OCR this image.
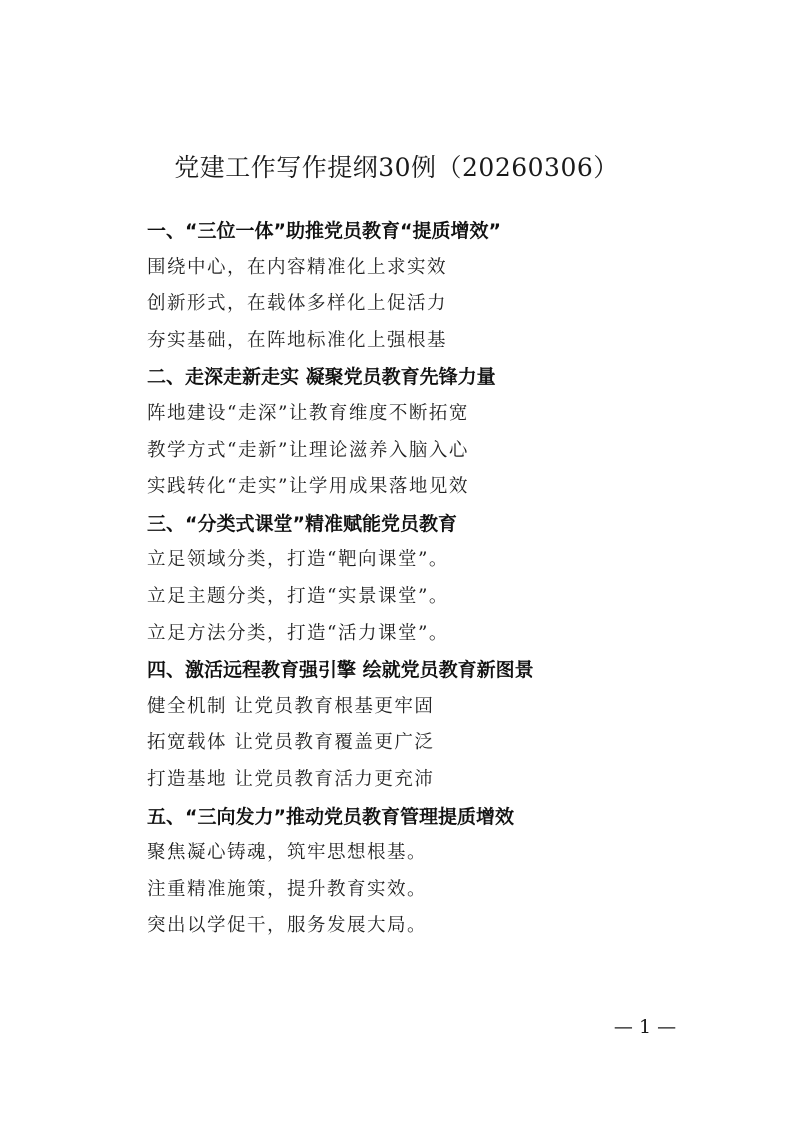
党建工作写作提纲30例（20260306）
一、“三位一体”助推党员教育“提质增效”
围绕中心，在内容精准化上求实效
创新形式，在载体多样化上促活力
夯实基础，在阵地标准化上强根基
二、走深走新走实 凝聚党员教育先锋力量
阵地建设“走深”让教育维度不断拓宽
教学方式“走新”让理论滋养入脑入心
实践转化“走实”让学用成果落地见效
三、“分类式课堂”精准赋能党员教育
立足领域分类，打造“靶向课堂”。
立足主题分类，打造“实景课堂”。
立足方法分类，打造“活力课堂”。
四、激活远程教育强引擎 绘就党员教育新图景
健全机制 让党员教育根基更牢固
拓宽载体 让党员教育覆盖更广泛
打造基地 让党员教育活力更充沛
五、“三向发力”推动党员教育管理提质增效
聚焦凝心铸魂，筑牢思想根基。
注重精准施策，提升教育实效。
突出以学促干，服务发展大局。
— 1 —
